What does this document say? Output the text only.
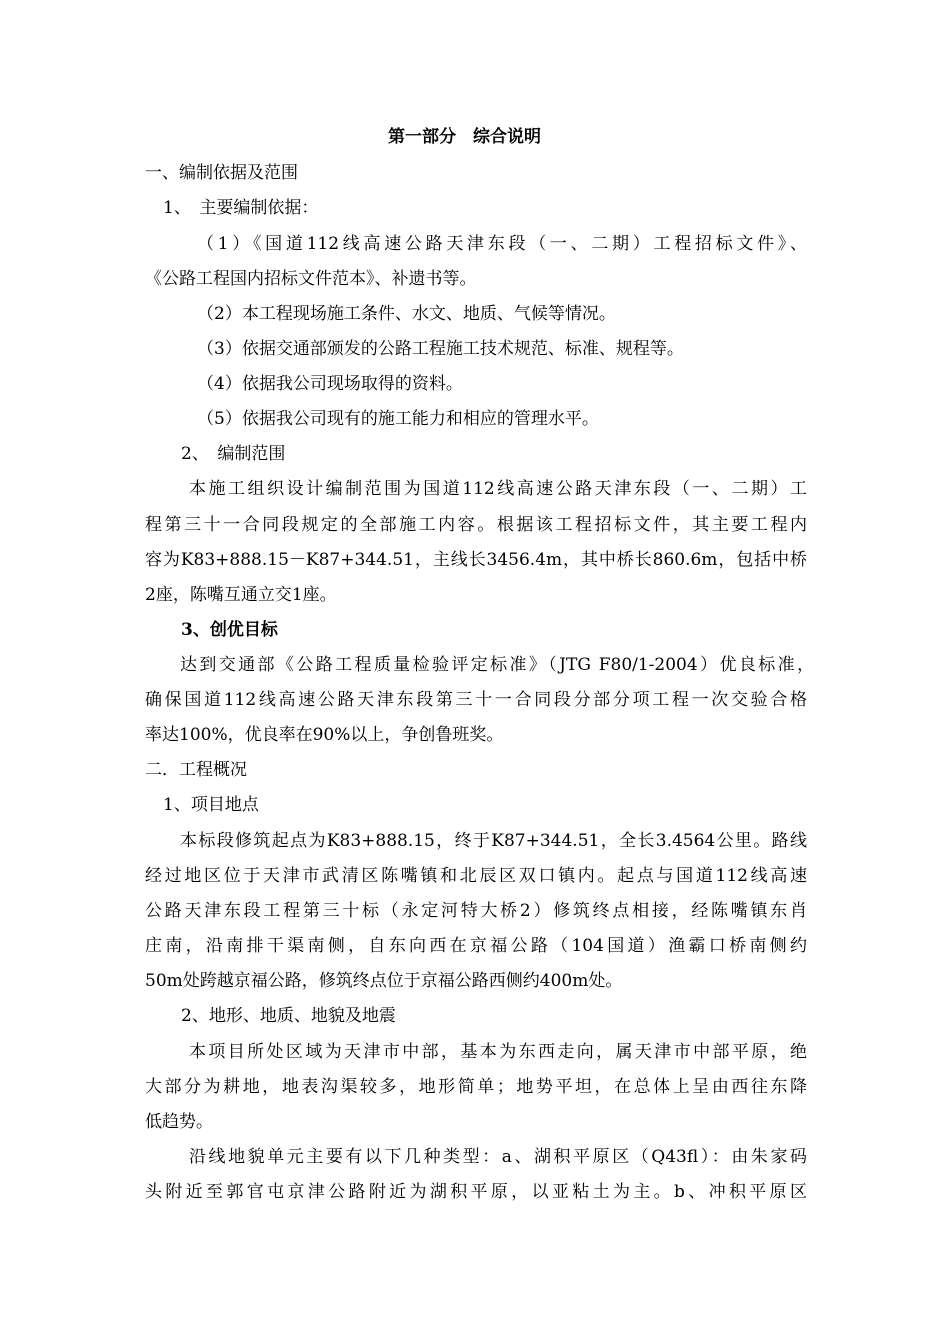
第一部分　综合说明
一、编制依据及范围
1、　主要编制依据：
（1）《国道112线高速公路天津东段（一、二期）工程招标文件》、
《公路工程国内招标文件范本》、补遗书等。
（2）本工程现场施工条件、水文、地质、气候等情况。
（3）依据交通部颁发的公路工程施工技术规范、标准、规程等。
（4）依据我公司现场取得的资料。
（5）依据我公司现有的施工能力和相应的管理水平。
2、　编制范围
本施工组织设计编制范围为国道112线高速公路天津东段（一、二期）工
程第三十一合同段规定的全部施工内容。根据该工程招标文件，其主要工程内
容为K83+888.15－K87+344.51，主线长3456.4m，其中桥长860.6m，包括中桥
2座，陈嘴互通立交1座。
3、创优目标
达到交通部《公路工程质量检验评定标准》（JTG F80/1-2004）优良标准，
确保国道112线高速公路天津东段第三十一合同段分部分项工程一次交验合格
率达100%，优良率在90%以上，争创鲁班奖。
二．工程概况
1、项目地点
本标段修筑起点为K83+888.15，终于K87+344.51，全长3.4564公里。路线
经过地区位于天津市武清区陈嘴镇和北辰区双口镇内。起点与国道112线高速
公路天津东段工程第三十标（永定河特大桥2）修筑终点相接，经陈嘴镇东肖
庄南，沿南排干渠南侧，自东向西在京福公路（104国道）渔霸口桥南侧约
50m处跨越京福公路，修筑终点位于京福公路西侧约400m处。
2、地形、地质、地貌及地震
本项目所处区域为天津市中部，基本为东西走向，属天津市中部平原，绝
大部分为耕地，地表沟渠较多，地形简单；地势平坦，在总体上呈由西往东降
低趋势。
沿线地貌单元主要有以下几种类型：a、湖积平原区（Q43fl）：由朱家码
头附近至郭官屯京津公路附近为湖积平原，以亚粘土为主。b、冲积平原区
